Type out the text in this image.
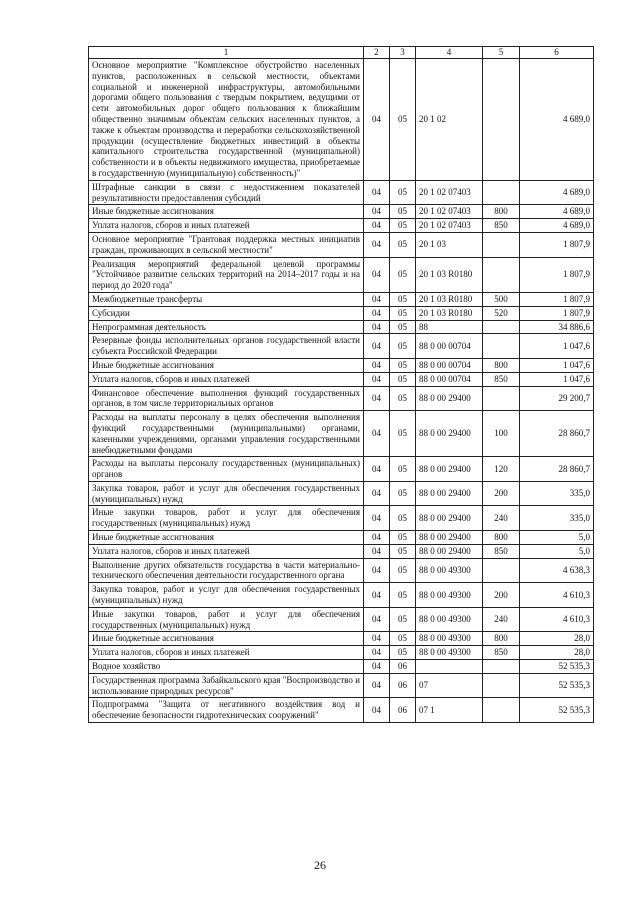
1	2	3	4	5	6
Основное мероприятие "Комплексное обустройство населенных пунктов, расположенных в сельской местности, объектами социальной и инженерной инфраструктуры, автомобильными дорогами общего пользования с твердым покрытием, ведущими от сети автомобильных дорог общего пользования к ближайшим общественно значимым объектам сельских населенных пунктов, а также к объектам производства и переработки сельскохозяйственной продукции (осуществление бюджетных инвестиций в объекты капитального строительства государственной (муниципальной) собственности и в объекты недвижимого имущества, приобретаемые в государственную (муниципальную) собственность)"	04	05	20 1 02		4 689,0
Штрафные санкции в связи с недостижением показателей результативности предоставления субсидий	04	05	20 1 02 07403		4 689,0
Иные бюджетные ассигнования	04	05	20 1 02 07403	800	4 689,0
Уплата налогов, сборов и иных платежей	04	05	20 1 02 07403	850	4 689,0
Основное мероприятие "Грантовая поддержка местных инициатив граждан, проживающих в сельской местности"	04	05	20 1 03		1 807,9
Реализация мероприятий федеральной целевой программы "Устойчивое развитие сельских территорий на 2014–2017 годы и на период до 2020 года"	04	05	20 1 03 R0180		1 807,9
Межбюджетные трансферты	04	05	20 1 03 R0180	500	1 807,9
Субсидии	04	05	20 1 03 R0180	520	1 807,9
Непрограммная деятельность	04	05	88		34 886,6
Резервные фонды исполнительных органов государственной власти субъекта Российской Федерации	04	05	88 0 00 00704		1 047,6
Иные бюджетные ассигнования	04	05	88 0 00 00704	800	1 047,6
Уплата налогов, сборов и иных платежей	04	05	88 0 00 00704	850	1 047,6
Финансовое обеспечение выполнения функций государственных органов, в том числе территориальных органов	04	05	88 0 00 29400		29 200,7
Расходы на выплаты персоналу в целях обеспечения выполнения функций государственными (муниципальными) органами, казенными учреждениями, органами управления государственными внебюджетными фондами	04	05	88 0 00 29400	100	28 860,7
Расходы на выплаты персоналу государственных (муниципальных) органов	04	05	88 0 00 29400	120	28 860,7
Закупка товаров, работ и услуг для обеспечения государственных (муниципальных) нужд	04	05	88 0 00 29400	200	335,0
Иные закупки товаров, работ и услуг для обеспечения государственных (муниципальных) нужд	04	05	88 0 00 29400	240	335,0
Иные бюджетные ассигнования	04	05	88 0 00 29400	800	5,0
Уплата налогов, сборов и иных платежей	04	05	88 0 00 29400	850	5,0
Выполнение других обязательств государства в части материально-технического обеспечения деятельности государственного органа	04	05	88 0 00 49300		4 638,3
Закупка товаров, работ и услуг для обеспечения государственных (муниципальных) нужд	04	05	88 0 00 49300	200	4 610,3
Иные закупки товаров, работ и услуг для обеспечения государственных (муниципальных) нужд	04	05	88 0 00 49300	240	4 610,3
Иные бюджетные ассигнования	04	05	88 0 00 49300	800	28,0
Уплата налогов, сборов и иных платежей	04	05	88 0 00 49300	850	28,0
Водное хозяйство	04	06			52 535,3
Государственная программа Забайкальского края "Воспроизводство и использование природных ресурсов"	04	06	07		52 535,3
Подпрограмма "Защита от негативного воздействия вод и обеспечение безопасности гидротехнических сооружений"	04	06	07 1		52 535,3
26
